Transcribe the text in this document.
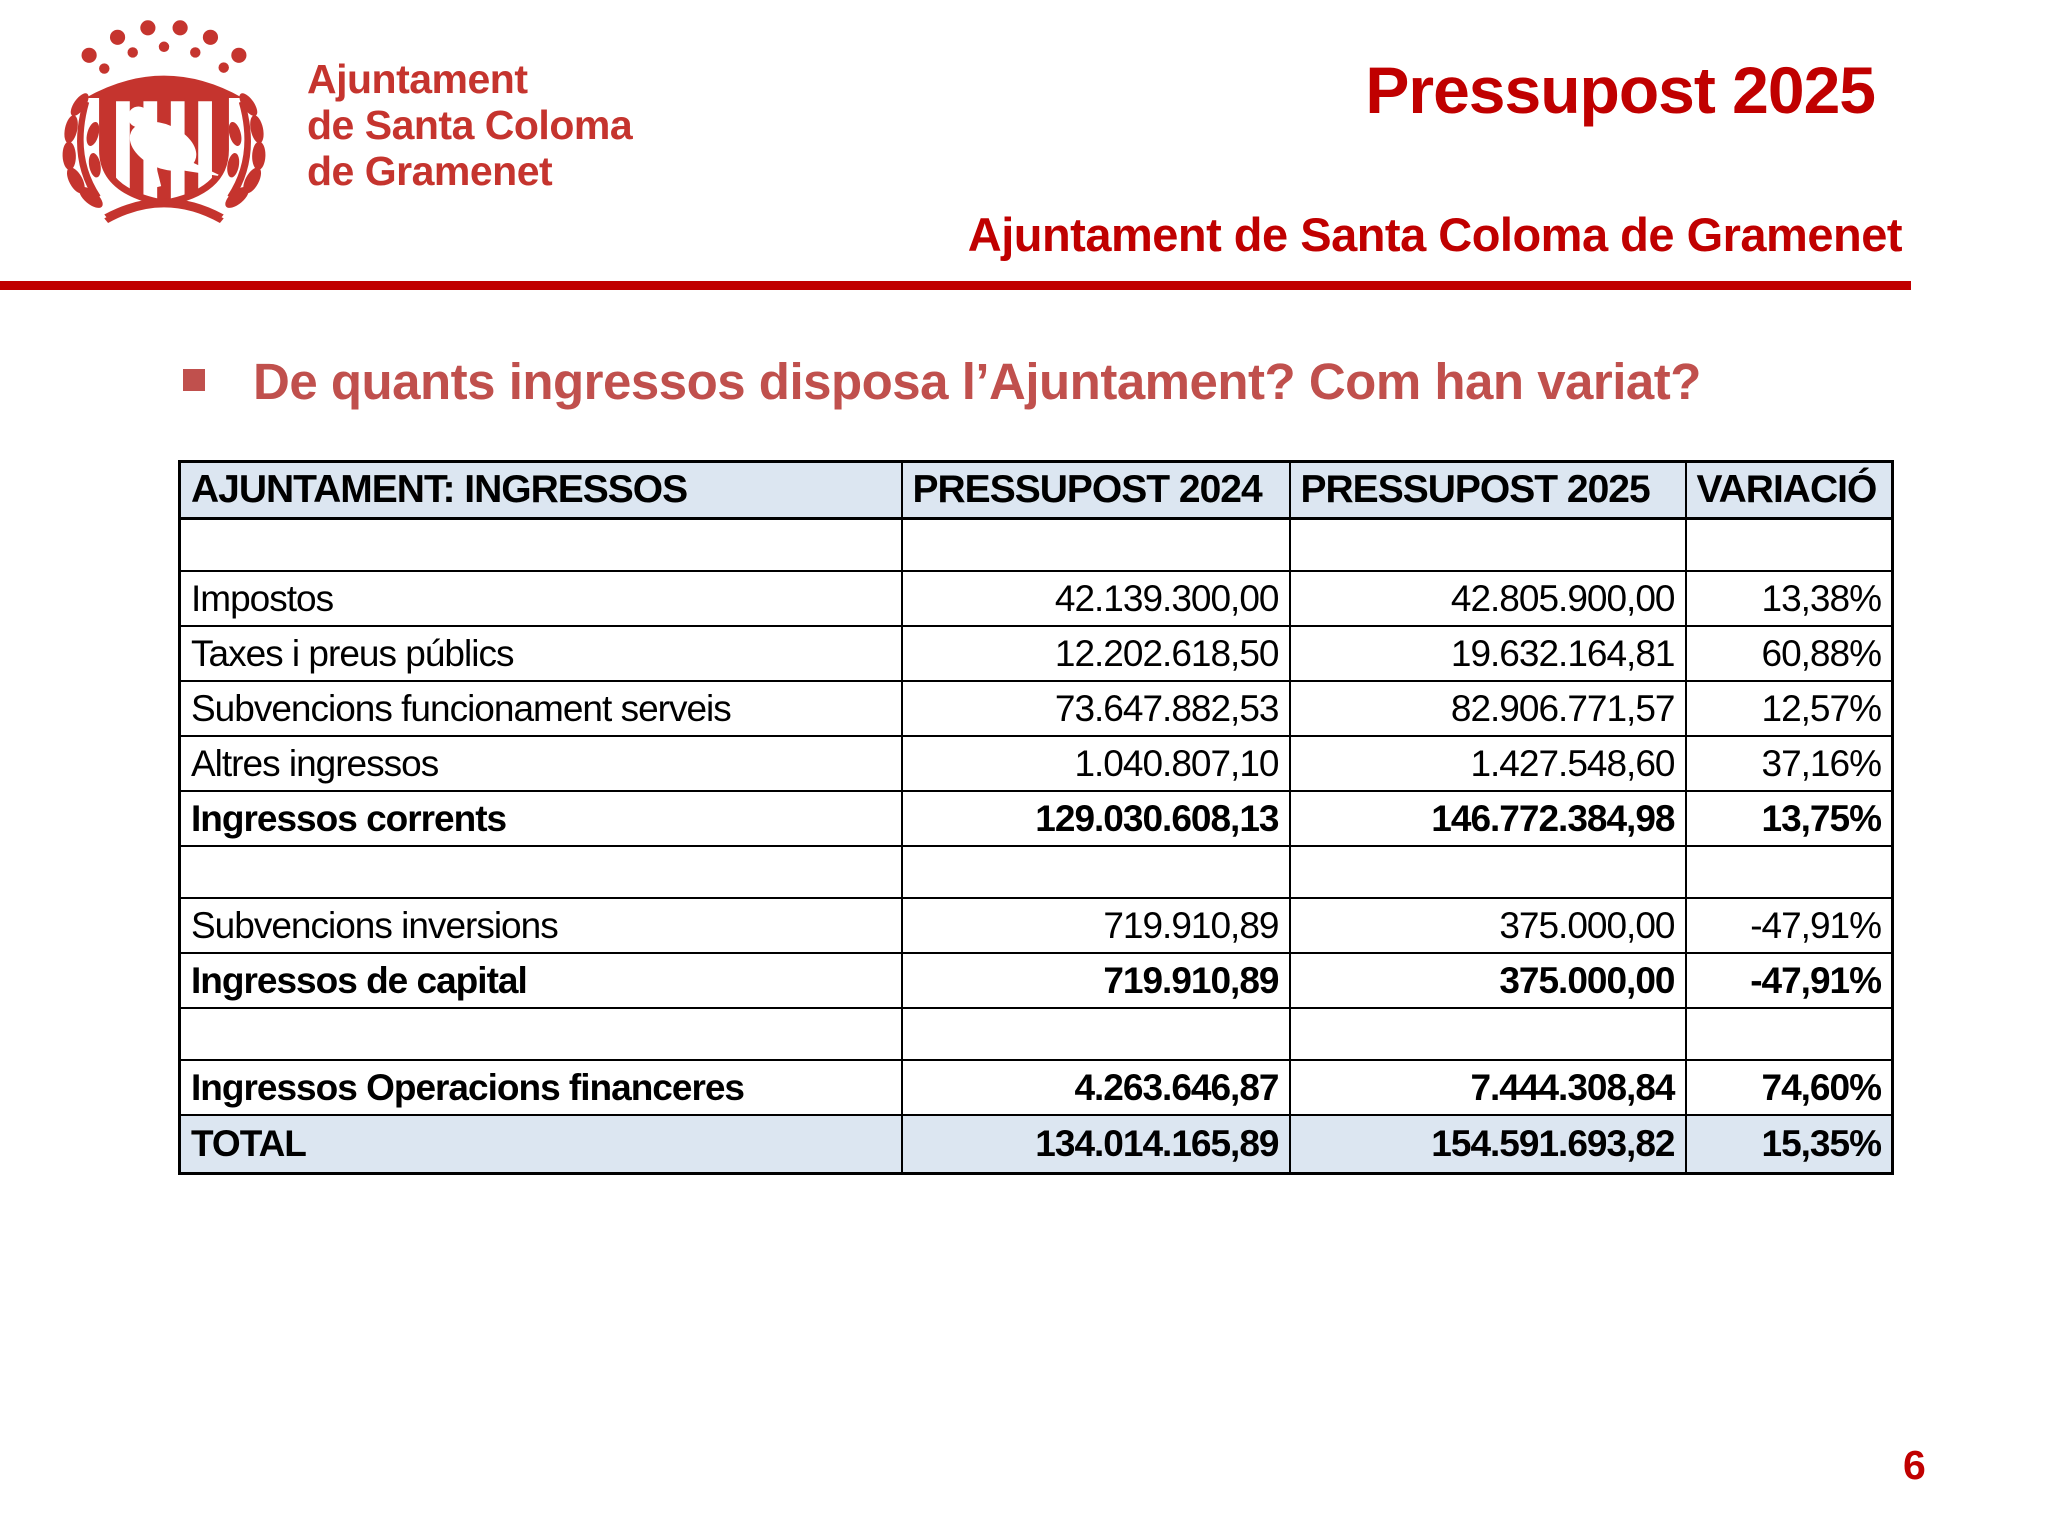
Ajuntament
de Santa Coloma
de Gramenet
Pressupost 2025
Ajuntament de Santa Coloma de Gramenet
De quants ingressos disposa l’Ajuntament? Com han variat?
AJUNTAMENT: INGRESSOS	PRESSUPOST 2024	PRESSUPOST 2025	VARIACIÓ

Impostos	42.139.300,00	42.805.900,00	13,38%
Taxes i preus públics	12.202.618,50	19.632.164,81	60,88%
Subvencions funcionament serveis	73.647.882,53	82.906.771,57	12,57%
Altres ingressos	1.040.807,10	1.427.548,60	37,16%
Ingressos corrents	129.030.608,13	146.772.384,98	13,75%

Subvencions inversions	719.910,89	375.000,00	-47,91%
Ingressos de capital	719.910,89	375.000,00	-47,91%

Ingressos Operacions financeres	4.263.646,87	7.444.308,84	74,60%
TOTAL	134.014.165,89	154.591.693,82	15,35%
6
